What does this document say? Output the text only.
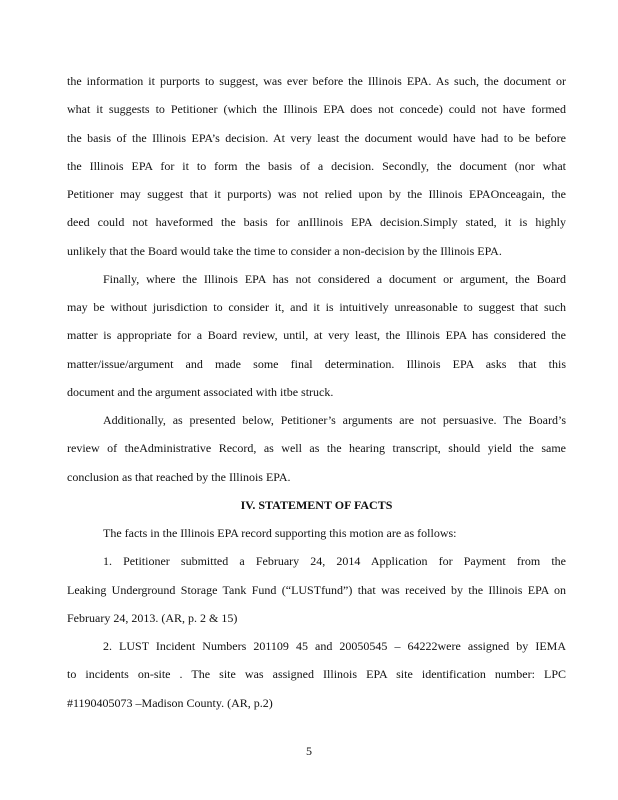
the information it purports to suggest, was ever before the Illinois EPA. As such, the document or
what it suggests to Petitioner (which the Illinois EPA does not concede) could not have formed
the basis of the Illinois EPA’s decision. At very least the document would have had to be before
the Illinois EPA for it to form the basis of a decision. Secondly, the document (nor what
Petitioner may suggest that it purports) was not relied upon by the Illinois EPAOnceagain, the
deed could not haveformed the basis for anIllinois EPA decision.Simply stated, it is highly
unlikely that the Board would take the time to consider a non-decision by the Illinois EPA.
Finally, where the Illinois EPA has not considered a document or argument, the Board
may be without jurisdiction to consider it, and it is intuitively unreasonable to suggest that such
matter is appropriate for a Board review, until, at very least, the Illinois EPA has considered the
matter/issue/argument and made some final determination. Illinois EPA asks that this
document and the argument associated with itbe struck.
Additionally, as presented below, Petitioner’s arguments are not persuasive. The Board’s
review of theAdministrative Record, as well as the hearing transcript, should yield the same
conclusion as that reached by the Illinois EPA.
IV. STATEMENT OF FACTS
The facts in the Illinois EPA record supporting this motion are as follows:
1. Petitioner submitted a February 24, 2014 Application for Payment from the
Leaking Underground Storage Tank Fund (“LUSTfund”) that was received by the Illinois EPA on
February 24, 2013. (AR, p. 2 & 15)
2. LUST Incident Numbers 201109 45 and 20050545 – 64222were assigned by IEMA
to incidents on-site . The site was assigned Illinois EPA site identification number: LPC
#1190405073 –Madison County. (AR, p.2)
5
